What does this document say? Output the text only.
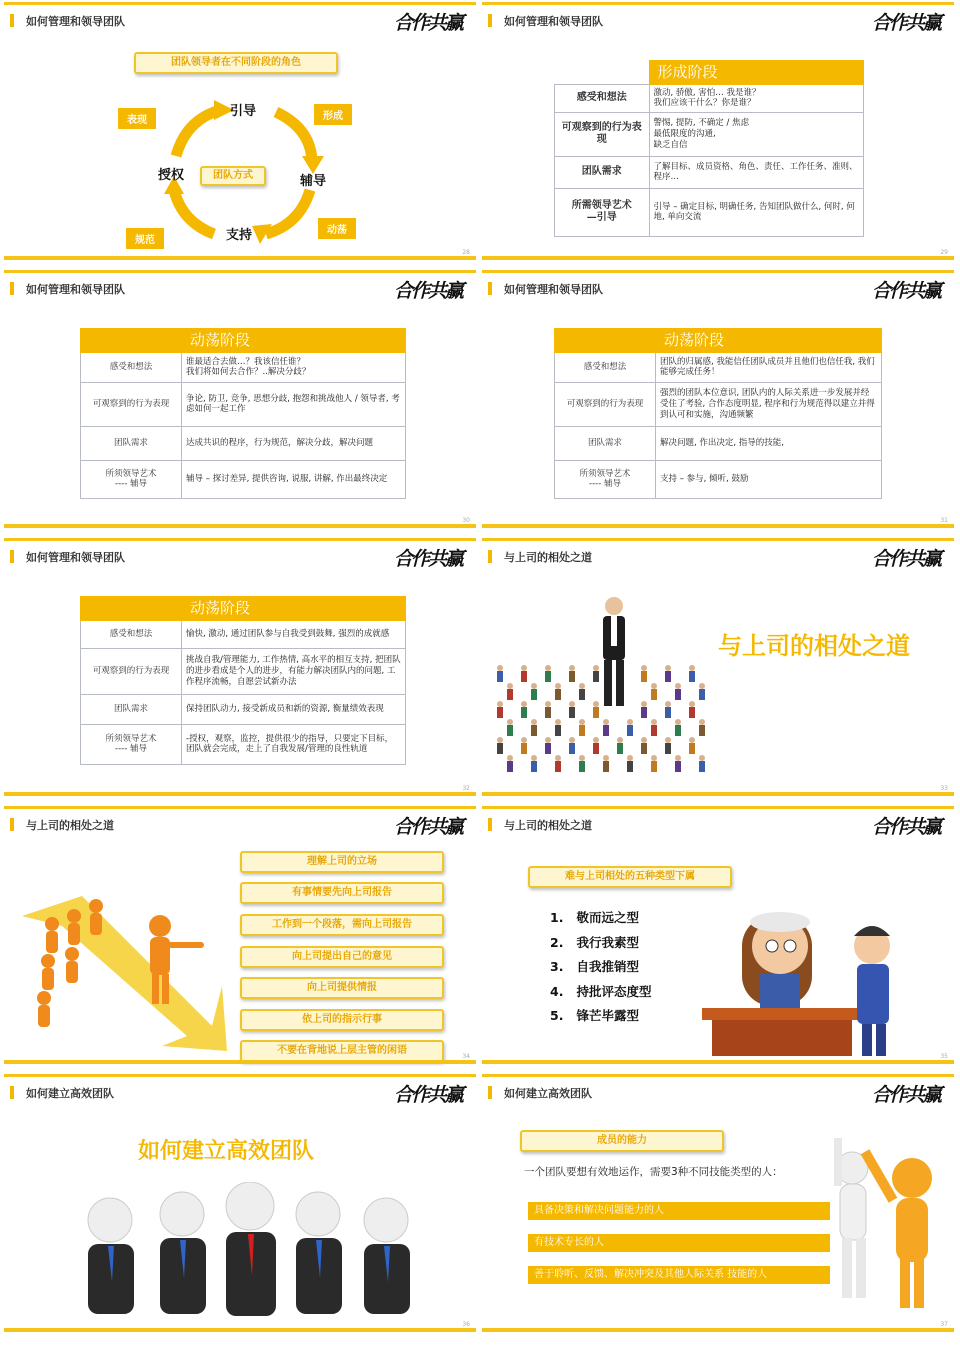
如何管理和领导团队	合作共赢
团队领导者在不同阶段的角色
引导
辅导
支持
授权	团队方式
表现	形成
动荡
规范
28
如何管理和领导团队	合作共赢
	形成阶段
感受和想法	激动, 骄傲, 害怕… 我是谁？
我们应该干什么？你是谁？
可观察到的行为表现	警惕, 提防, 不确定 / 焦虑
最低限度的沟通,
缺乏自信
团队需求	了解目标、成员资格、角色、责任、工作任务、准则、程序…
所需领导艺术
—引导	引导 – 确定目标, 明确任务, 告知团队做什么, 何时, 何地, 单向交流
29
如何管理和领导团队	合作共赢
	动荡阶段
感受和想法	谁最适合去做…？我该信任谁？
我们将如何去合作？..解决分歧？
可观察到的行为表现	争论, 防卫, 竞争, 思想分歧, 抱怨和挑战他人 / 领导者, 考虑如何一起工作
团队需求	达成共识的程序，行为规范，解决分歧，解决问题
所须领导艺术
---- 辅导	辅导 – 探讨差异, 提供咨询, 说服, 讲解, 作出最终决定
30
如何管理和领导团队	合作共赢
	动荡阶段
感受和想法	团队的归属感, 我能信任团队成员并且他们也信任我, 我们能够完成任务！
可观察到的行为表现	强烈的团队本位意识, 团队内的人际关系进一步发展并经受住了考验, 合作态度明显, 程序和行为规范得以建立并得到认可和实施，沟通频繁
团队需求	解决问题, 作出决定, 指导的技能,
所须领导艺术
---- 辅导	支持 – 参与, 倾听, 鼓励
31
如何管理和领导团队	合作共赢
	动荡阶段
感受和想法	愉快, 激动, 通过团队参与自我受到鼓舞, 强烈的成就感
可观察到的行为表现	挑战自我/管理能力, 工作热情, 高水平的相互支持, 把团队的进步看成是个人的进步，有能力解决团队内的问题, 工作程序流畅，自愿尝试新办法
团队需求	保持团队动力, 接受新成员和新的资源, 衡量绩效表现
所须领导艺术
---- 辅导	-授权，观察，监控，提供很少的指导，只要定下目标，团队就会完成，走上了自我发展/管理的良性轨道
32
与上司的相处之道	合作共赢
与上司的相处之道
33
与上司的相处之道	合作共赢
理解上司的立场
有事情要先向上司报告
工作到一个段落，需向上司报告
向上司提出自己的意见
向上司提供情报
依上司的指示行事
不要在背地说上层主管的闲语
34
与上司的相处之道	合作共赢
难与上司相处的五种类型下属
1.   敬而远之型
2.   我行我素型
3.   自我推销型
4.   持批评态度型
5.   锋芒毕露型
35
如何建立高效团队	合作共赢
如何建立高效团队
36
如何建立高效团队	合作共赢
成员的能力
一个团队要想有效地运作，需要3种不同技能类型的人：
具备决策和解决问题能力的人
有技术专长的人
善于聆听、反馈、解决冲突及其他人际关系 技能的人
37
